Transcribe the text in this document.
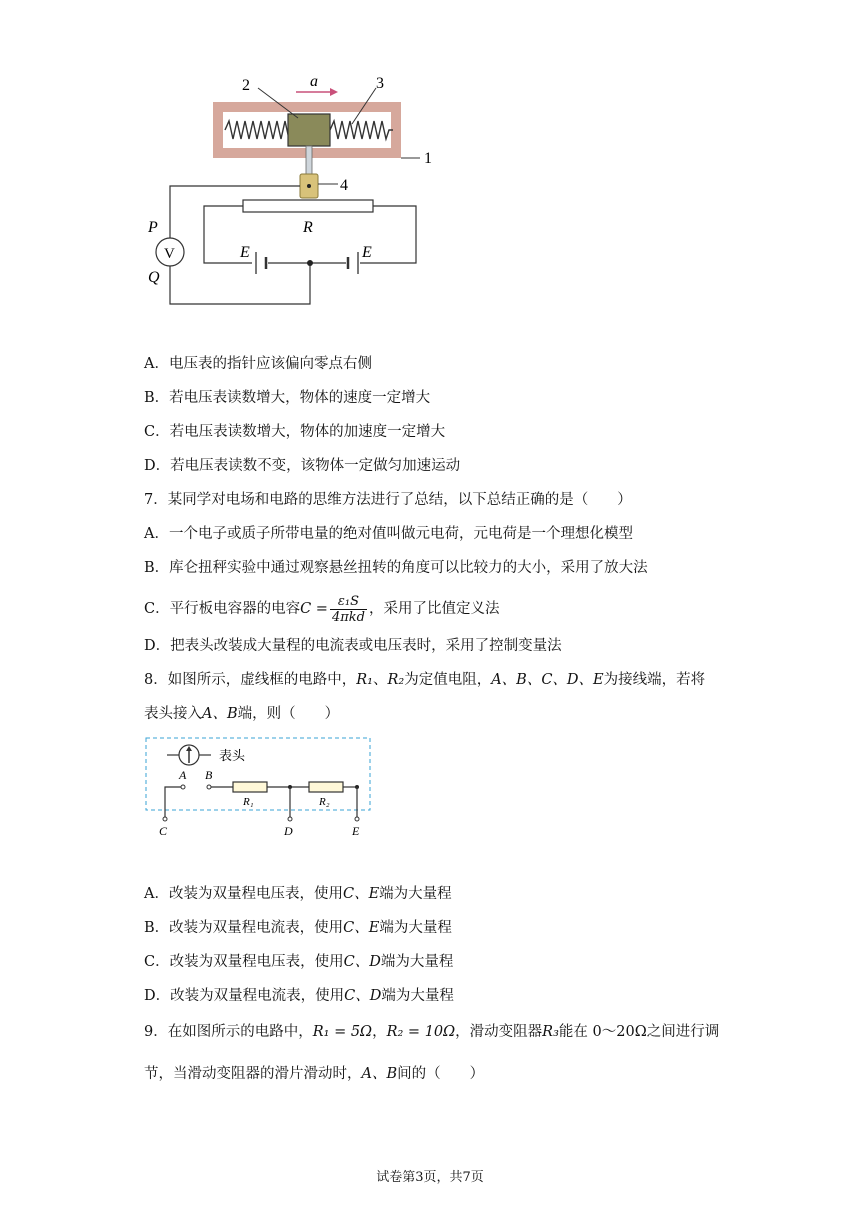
a
2	3
1
4
R
E	E
V
P
Q
A．电压表的指针应该偏向零点右侧
B．若电压表读数增大，物体的速度一定增大
C．若电压表读数增大，物体的加速度一定增大
D．若电压表读数不变，该物体一定做匀加速运动
7．某同学对电场和电路的思维方法进行了总结，以下总结正确的是（　　）
A．一个电子或质子所带电量的绝对值叫做元电荷，元电荷是一个理想化模型
B．库仑扭秤实验中通过观察悬丝扭转的角度可以比较力的大小，采用了放大法
C．平行板电容器的电容$C = \frac{\text{ε₁S}}{\text{4πkd}}$ ，采用了比值定义法
D．把表头改装成大量程的电流表或电压表时，采用了控制变量法
8．如图所示，虚线框的电路中，R₁、R₂为定值电阻，A、B、C、D、E为接线端，若将
表头接入A、B端，则（　　）
表头
A B
C
R₁
D
R₂
E
A．改装为双量程电压表，使用C、E端为大量程
B．改装为双量程电流表，使用C、E端为大量程
C．改装为双量程电压表，使用C、D端为大量程
D．改装为双量程电流表，使用C、D端为大量程
9．在如图所示的电路中，R₁ = 5Ω，R₂ = 10Ω，滑动变阻器R₃能在 0～20Ω之间进行调
节，当滑动变阻器的滑片滑动时，A、B间的（　　）
试卷第3页，共7页
